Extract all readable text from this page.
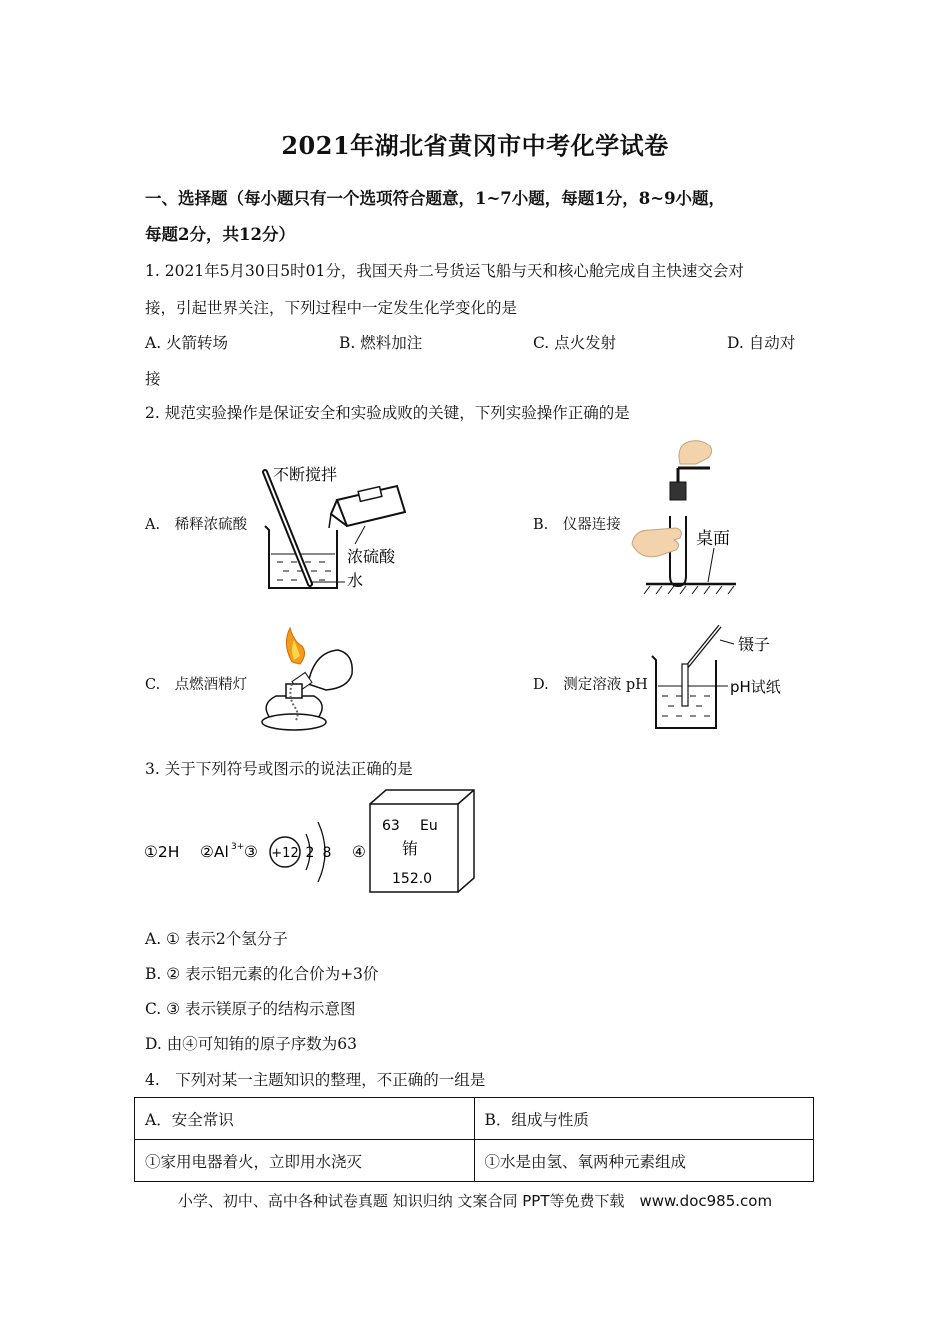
2021年湖北省黄冈市中考化学试卷
一、选择题（每小题只有一个选项符合题意，1~7小题，每题1分，8~9小题，
每题2分，共12分）
1. 2021年5月30日5时01分，我国天舟二号货运飞船与天和核心舱完成自主快速交会对
接，引起世界关注，下列过程中一定发生化学变化的是
A. 火箭转场	B. 燃料加注	C. 点火发射	D. 自动对
接
2. 规范实验操作是保证安全和实验成败的关键，下列实验操作正确的是
A.　稀释浓硫酸
不断搅拌
浓硫酸
水
B.　仪器连接
桌面
C.　点燃酒精灯	D.　测定溶液 pH
镊子
pH试纸
3. 关于下列符号或图示的说法正确的是
①2H ②Al 3+ ③ +12 2 8 ④
63 Eu
铕
152.0
A. ① 表示2个氢分子
B. ② 表示铝元素的化合价为+3价
C. ③ 表示镁原子的结构示意图
D. 由④可知铕的原子序数为63
4.　下列对某一主题知识的整理，不正确的一组是
A．安全常识	B．组成与性质
①家用电器着火，立即用水浇灭	①水是由氢、氧两种元素组成
小学、初中、高中各种试卷真题 知识归纳 文案合同 PPT等免费下载　www.doc985.com
